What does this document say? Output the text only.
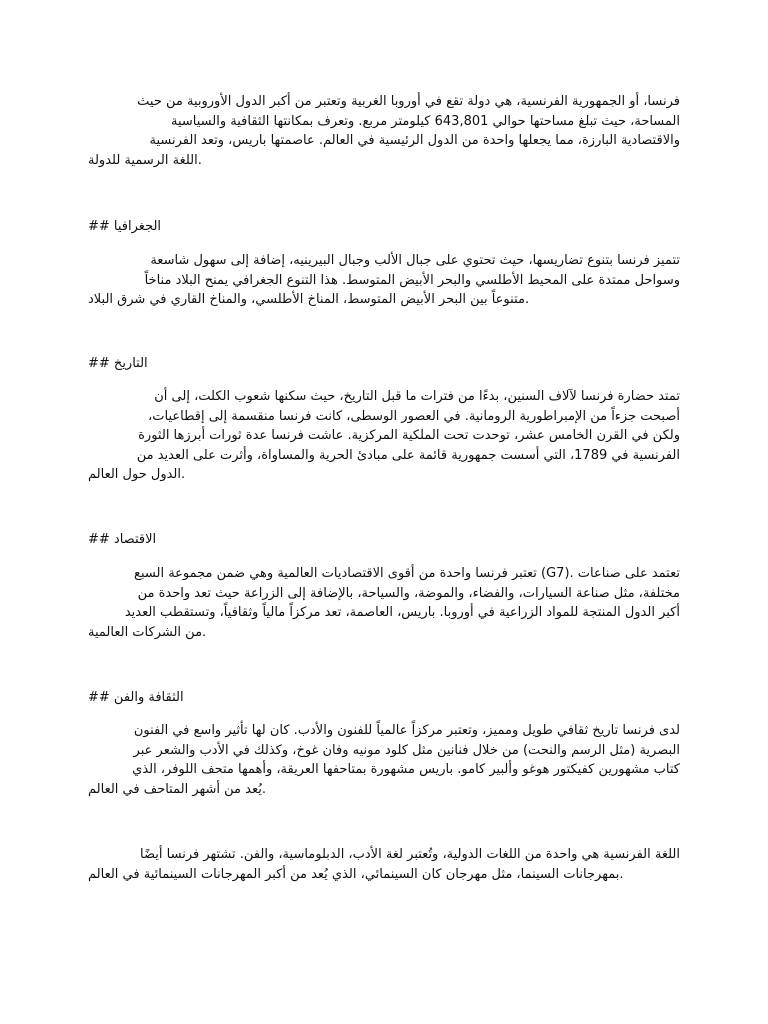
فرنسا، أو الجمهورية الفرنسية، هي دولة تقع في أوروبا الغربية وتعتبر من أكبر الدول الأوروبية من حيث
المساحة، حيث تبلغ مساحتها حوالي 643,801 كيلومتر مربع. وتعرف بمكانتها الثقافية والسياسية
والاقتصادية البارزة، مما يجعلها واحدة من الدول الرئيسية في العالم. عاصمتها باريس، وتعد الفرنسية
.اللغة الرسمية للدولة
## الجغرافيا
تتميز فرنسا بتنوع تضاريسها، حيث تحتوي على جبال الألب وجبال البيرينيه، إضافة إلى سهول شاسعة
وسواحل ممتدة على المحيط الأطلسي والبحر الأبيض المتوسط. هذا التنوع الجغرافي يمنح البلاد مناخاً
.متنوعاً بين البحر الأبيض المتوسط، المناخ الأطلسي، والمناخ القاري في شرق البلاد
## التاريخ
تمتد حضارة فرنسا لآلاف السنين، بدءًا من فترات ما قبل التاريخ، حيث سكنها شعوب الكلت، إلى أن
أصبحت جزءاً من الإمبراطورية الرومانية. في العصور الوسطى، كانت فرنسا منقسمة إلى إقطاعيات،
ولكن في القرن الخامس عشر، توحدت تحت الملكية المركزية. عاشت فرنسا عدة ثورات أبرزها الثورة
الفرنسية في 1789، التي أسست جمهورية قائمة على مبادئ الحرية والمساواة، وأثرت على العديد من
.الدول حول العالم
## الاقتصاد
تعتمد على صناعات .(G7) تعتبر فرنسا واحدة من أقوى الاقتصاديات العالمية وهي ضمن مجموعة السبع
مختلفة، مثل صناعة السيارات، والفضاء، والموضة، والسياحة، بالإضافة إلى الزراعة حيث تعد واحدة من
أكبر الدول المنتجة للمواد الزراعية في أوروبا. باريس، العاصمة، تعد مركزاً مالياً وثقافياً، وتستقطب العديد
.من الشركات العالمية
## الثقافة والفن
لدى فرنسا تاريخ ثقافي طويل ومميز، وتعتبر مركزاً عالمياً للفنون والأدب. كان لها تأثير واسع في الفنون
البصرية (مثل الرسم والنحت) من خلال فنانين مثل كلود مونيه وفان غوخ، وكذلك في الأدب والشعر عبر
كتاب مشهورين كفيكتور هوغو وألبير كامو. باريس مشهورة بمتاحفها العريقة، وأهمها متحف اللوفر، الذي
.يُعد من أشهر المتاحف في العالم
اللغة الفرنسية هي واحدة من اللغات الدولية، وتُعتبر لغة الأدب، الدبلوماسية، والفن. تشتهر فرنسا أيضًا
.بمهرجانات السينما، مثل مهرجان كان السينمائي، الذي يُعد من أكبر المهرجانات السينمائية في العالم
